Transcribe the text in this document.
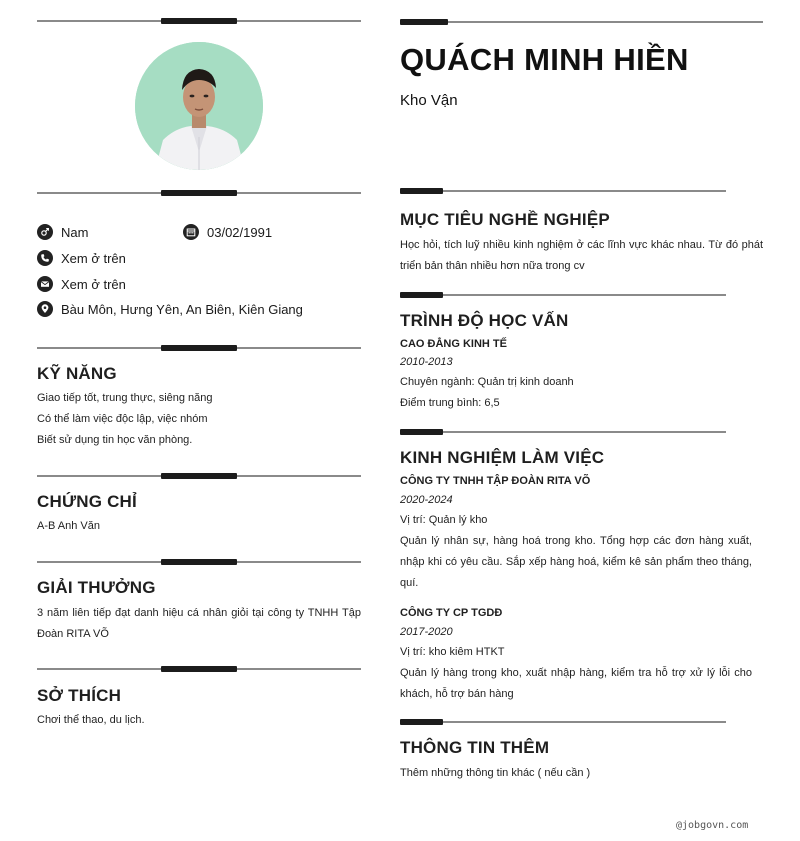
Nam	03/02/1991
Xem ở trên
Xem ở trên
Bàu Môn, Hưng Yên, An Biên, Kiên Giang
KỸ NĂNG
Giao tiếp tốt, trung thực, siêng năng
Có thể làm việc độc lập, việc nhóm
Biết sử dụng tin học văn phòng.
CHỨNG CHỈ
A-B Anh Văn
GIẢI THƯỞNG
3 năm liên tiếp đạt danh hiệu cá nhân giỏi tại công ty TNHH Tập Đoàn RITA VÕ
SỞ THÍCH
Chơi thể thao, du lịch.
QUÁCH MINH HIỀN
Kho Vận
MỤC TIÊU NGHỀ NGHIỆP
Học hỏi, tích luỹ nhiều kinh nghiệm ở các lĩnh vực khác nhau. Từ đó phát triển bản thân nhiều hơn nữa trong cv
TRÌNH ĐỘ HỌC VẤN
CAO ĐẲNG KINH TẾ
2010-2013
Chuyên ngành: Quản trị kinh doanh
Điểm trung bình: 6,5
KINH NGHIỆM LÀM VIỆC
CÔNG TY TNHH TẬP ĐOÀN RITA VÕ
2020-2024
Vị trí: Quản lý kho
Quản lý nhân sự, hàng hoá trong kho. Tổng hợp các đơn hàng xuất, nhập khi có yêu cầu. Sắp xếp hàng hoá, kiểm kê sản phẩm theo tháng, quí.
CÔNG TY CP TGDĐ
2017-2020
Vị trí: kho kiêm HTKT
Quản lý hàng trong kho, xuất nhập hàng, kiểm tra hỗ trợ xử lý lỗi cho khách, hỗ trợ bán hàng
THÔNG TIN THÊM
Thêm những thông tin khác ( nếu cần )
@jobgovn.com
